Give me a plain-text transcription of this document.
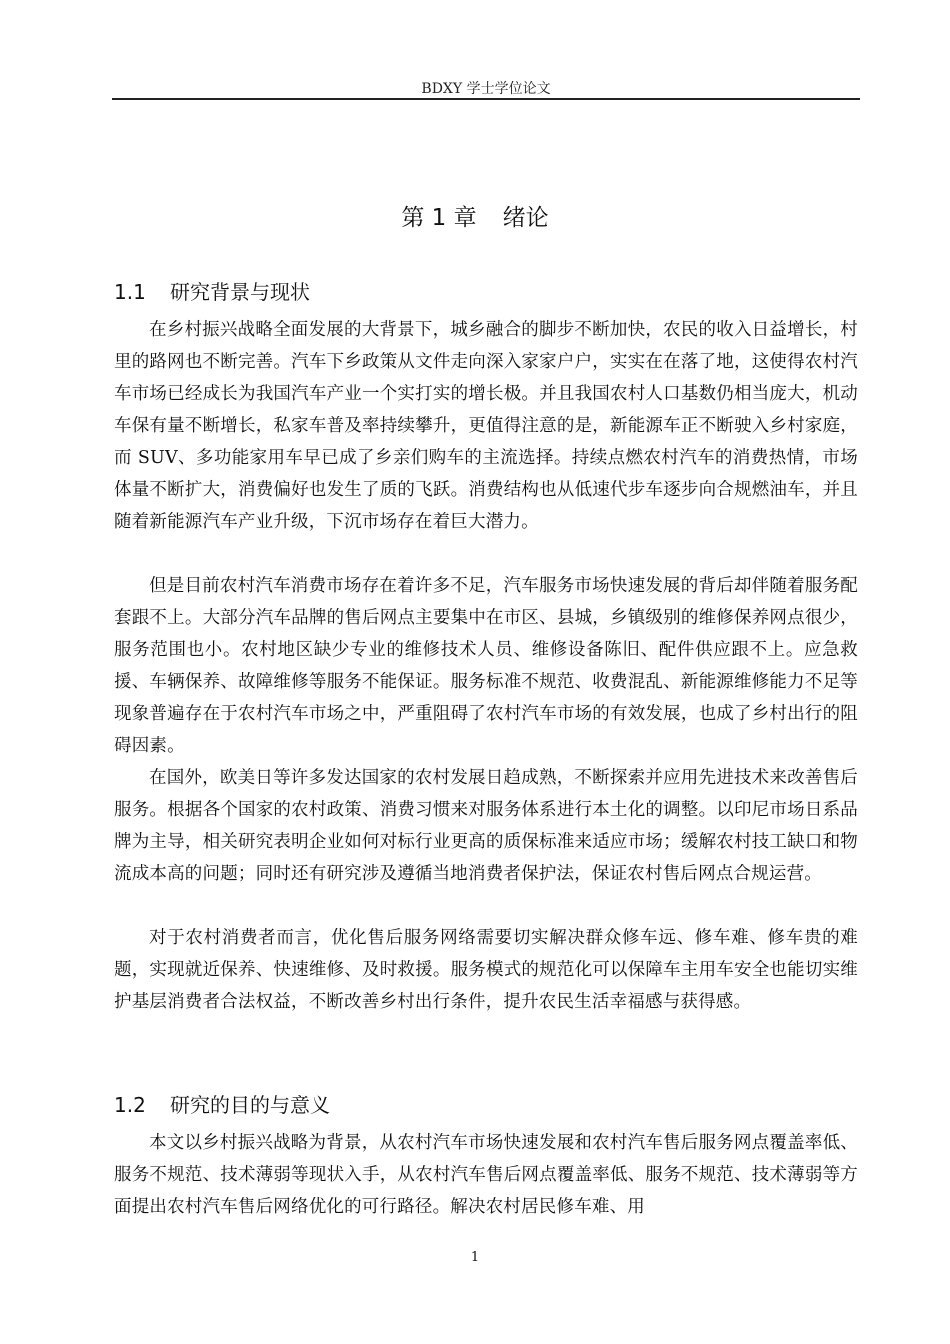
BDXY 学士学位论文
第 1 章 绪论
1.1 研究背景与现状

在乡村振兴战略全面发展的大背景下，城乡融合的脚步不断加快，农民的收入日益增长，村里的路网也不断完善。汽车下乡政策从文件走向深入家家户户，实实在在落了地，这使得农村汽车市场已经成长为我国汽车产业一个实打实的增长极。并且我国农村人口基数仍相当庞大，机动车保有量不断增长，私家车普及率持续攀升，更值得注意的是，新能源车正不断驶入乡村家庭，而 SUV、多功能家用车早已成了乡亲们购车的主流选择。持续点燃农村汽车的消费热情，市场体量不断扩大，消费偏好也发生了质的飞跃。消费结构也从低速代步车逐步向合规燃油车，并且随着新能源汽车产业升级，下沉市场存在着巨大潜力。

但是目前农村汽车消费市场存在着许多不足，汽车服务市场快速发展的背后却伴随着服务配套跟不上。大部分汽车品牌的售后网点主要集中在市区、县城，乡镇级别的维修保养网点很少，服务范围也小。农村地区缺少专业的维修技术人员、维修设备陈旧、配件供应跟不上。应急救援、车辆保养、故障维修等服务不能保证。服务标准不规范、收费混乱、新能源维修能力不足等现象普遍存在于农村汽车市场之中，严重阻碍了农村汽车市场的有效发展，也成了乡村出行的阻碍因素。

在国外，欧美日等许多发达国家的农村发展日趋成熟，不断探索并应用先进技术来改善售后服务。根据各个国家的农村政策、消费习惯来对服务体系进行本土化的调整。以印尼市场日系品牌为主导，相关研究表明企业如何对标行业更高的质保标准来适应市场；缓解农村技工缺口和物流成本高的问题；同时还有研究涉及遵循当地消费者保护法，保证农村售后网点合规运营。

对于农村消费者而言，优化售后服务网络需要切实解决群众修车远、修车难、修车贵的难题，实现就近保养、快速维修、及时救援。服务模式的规范化可以保障车主用车安全也能切实维护基层消费者合法权益，不断改善乡村出行条件，提升农民生活幸福感与获得感。

1.2 研究的目的与意义

本文以乡村振兴战略为背景，从农村汽车市场快速发展和农村汽车售后服务网点覆盖率低、服务不规范、技术薄弱等现状入手，从农村汽车售后网点覆盖率低、服务不规范、技术薄弱等方面提出农村汽车售后网络优化的可行路径。解决农村居民修车难、用

1
